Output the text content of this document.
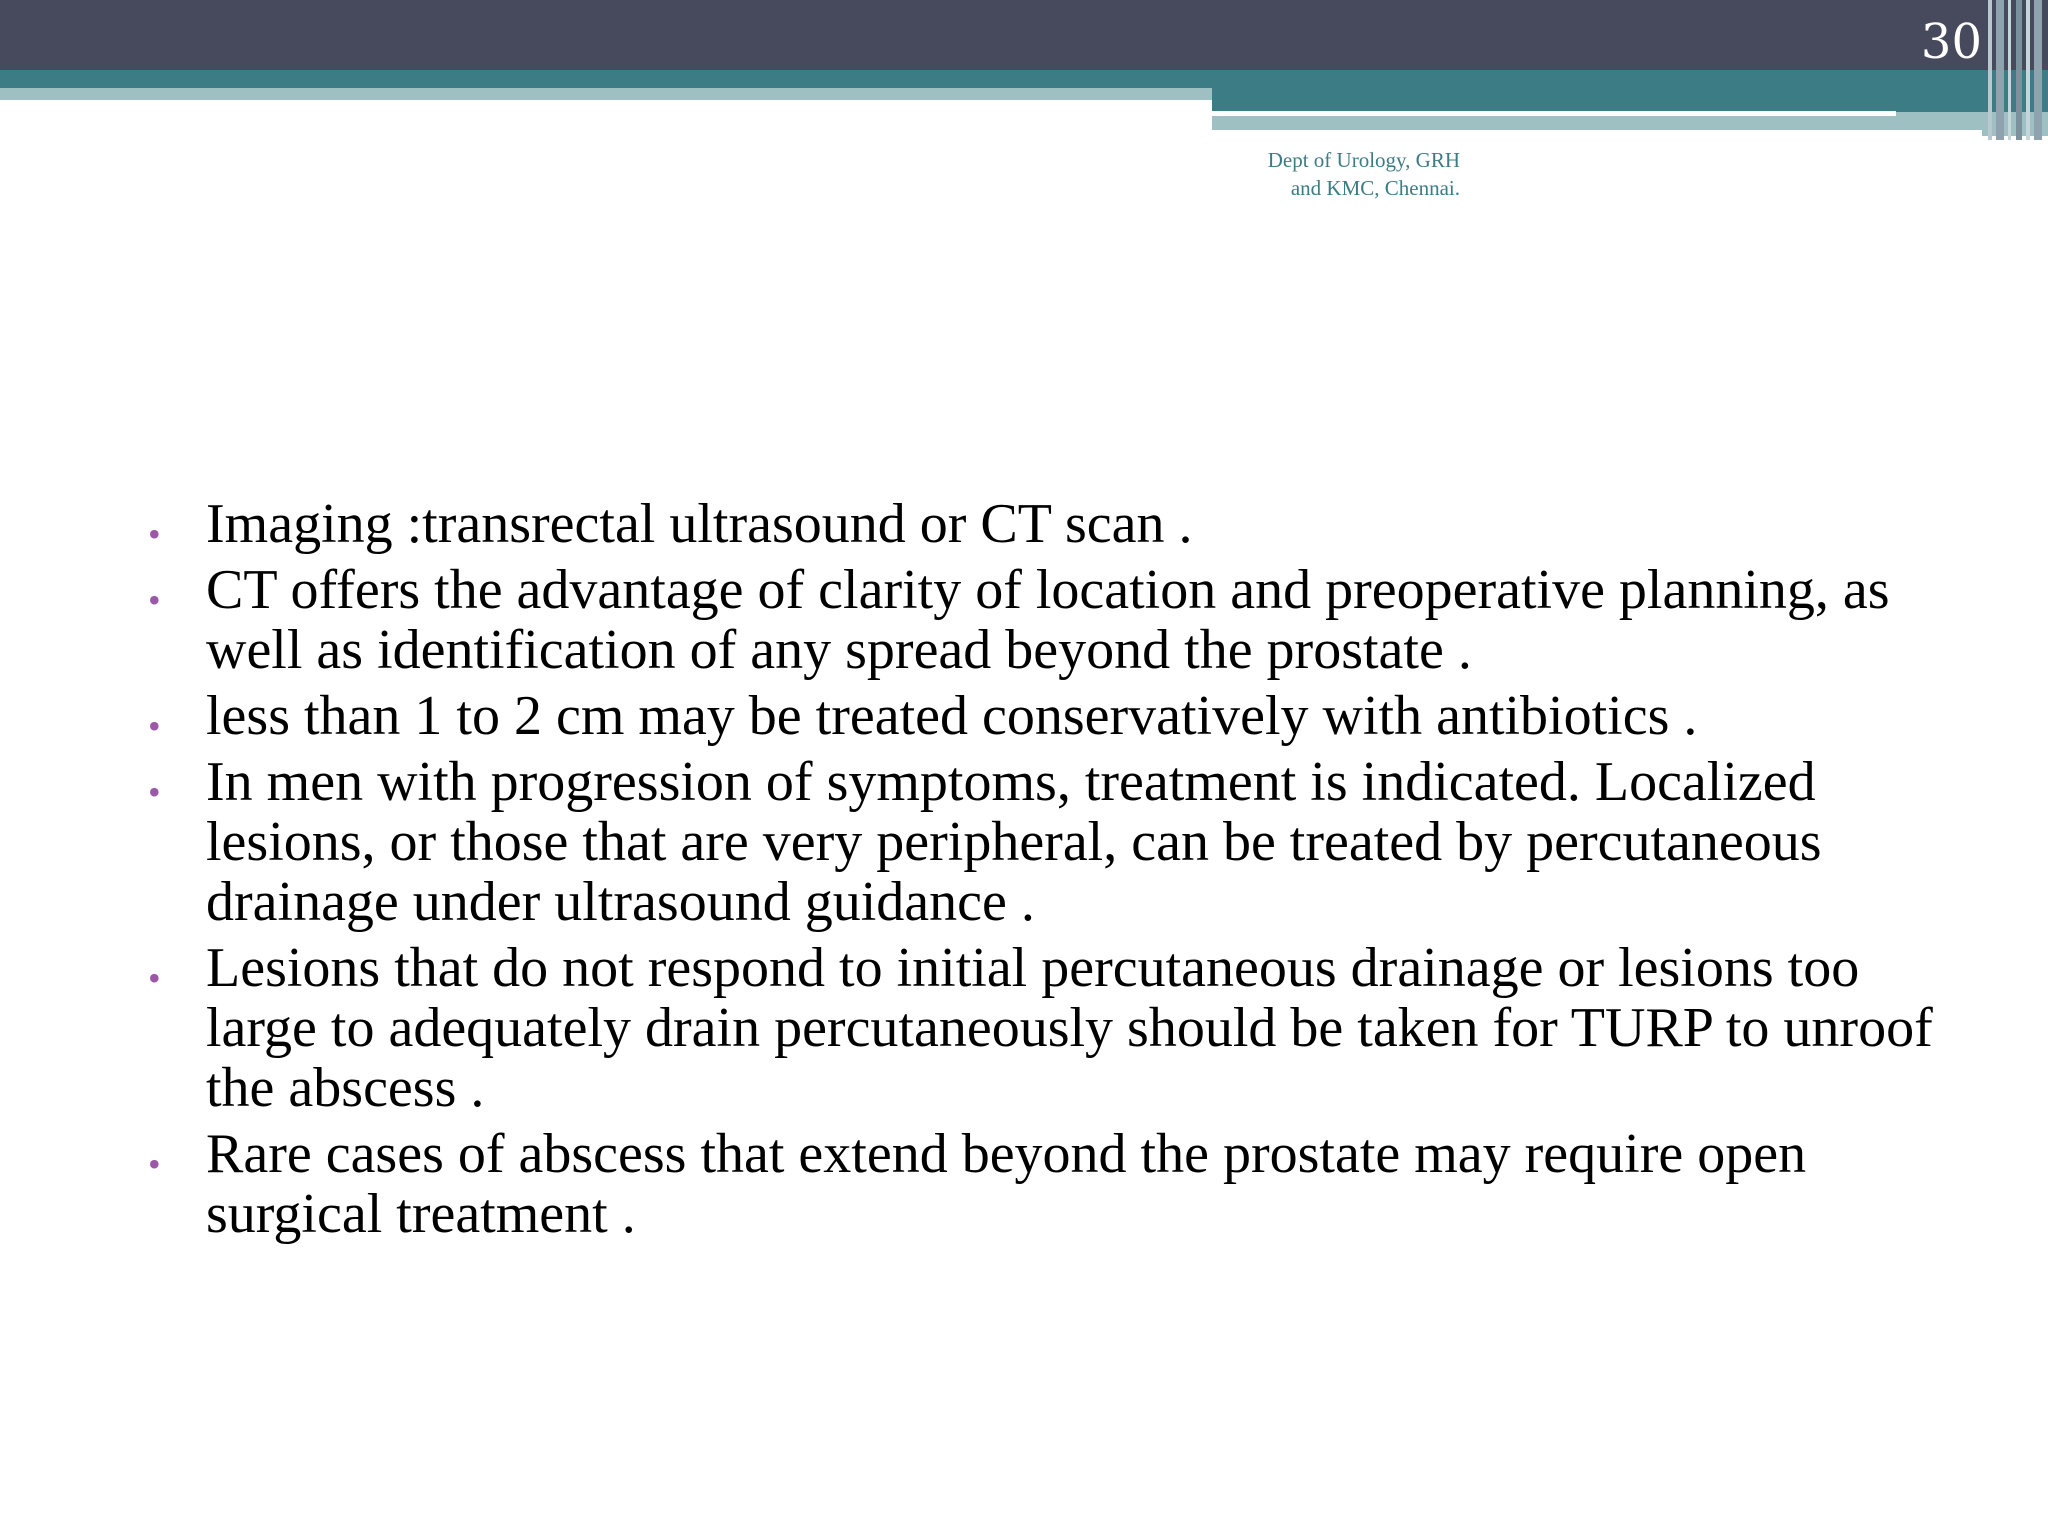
30
Dept of Urology, GRH
and KMC, Chennai.
• Imaging :transrectal ultrasound or CT scan .
• CT offers the advantage of clarity of location and preoperative planning, as well as identification of any spread beyond the prostate .
• less than 1 to 2 cm may be treated conservatively with antibiotics .
• In men with progression of symptoms, treatment is indicated. Localized lesions, or those that are very peripheral, can be treated by percutaneous drainage under ultrasound guidance .
• Lesions that do not respond to initial percutaneous drainage or lesions too large to adequately drain percutaneously should be taken for TURP to unroof the abscess .
• Rare cases of abscess that extend beyond the prostate may require open surgical treatment .
